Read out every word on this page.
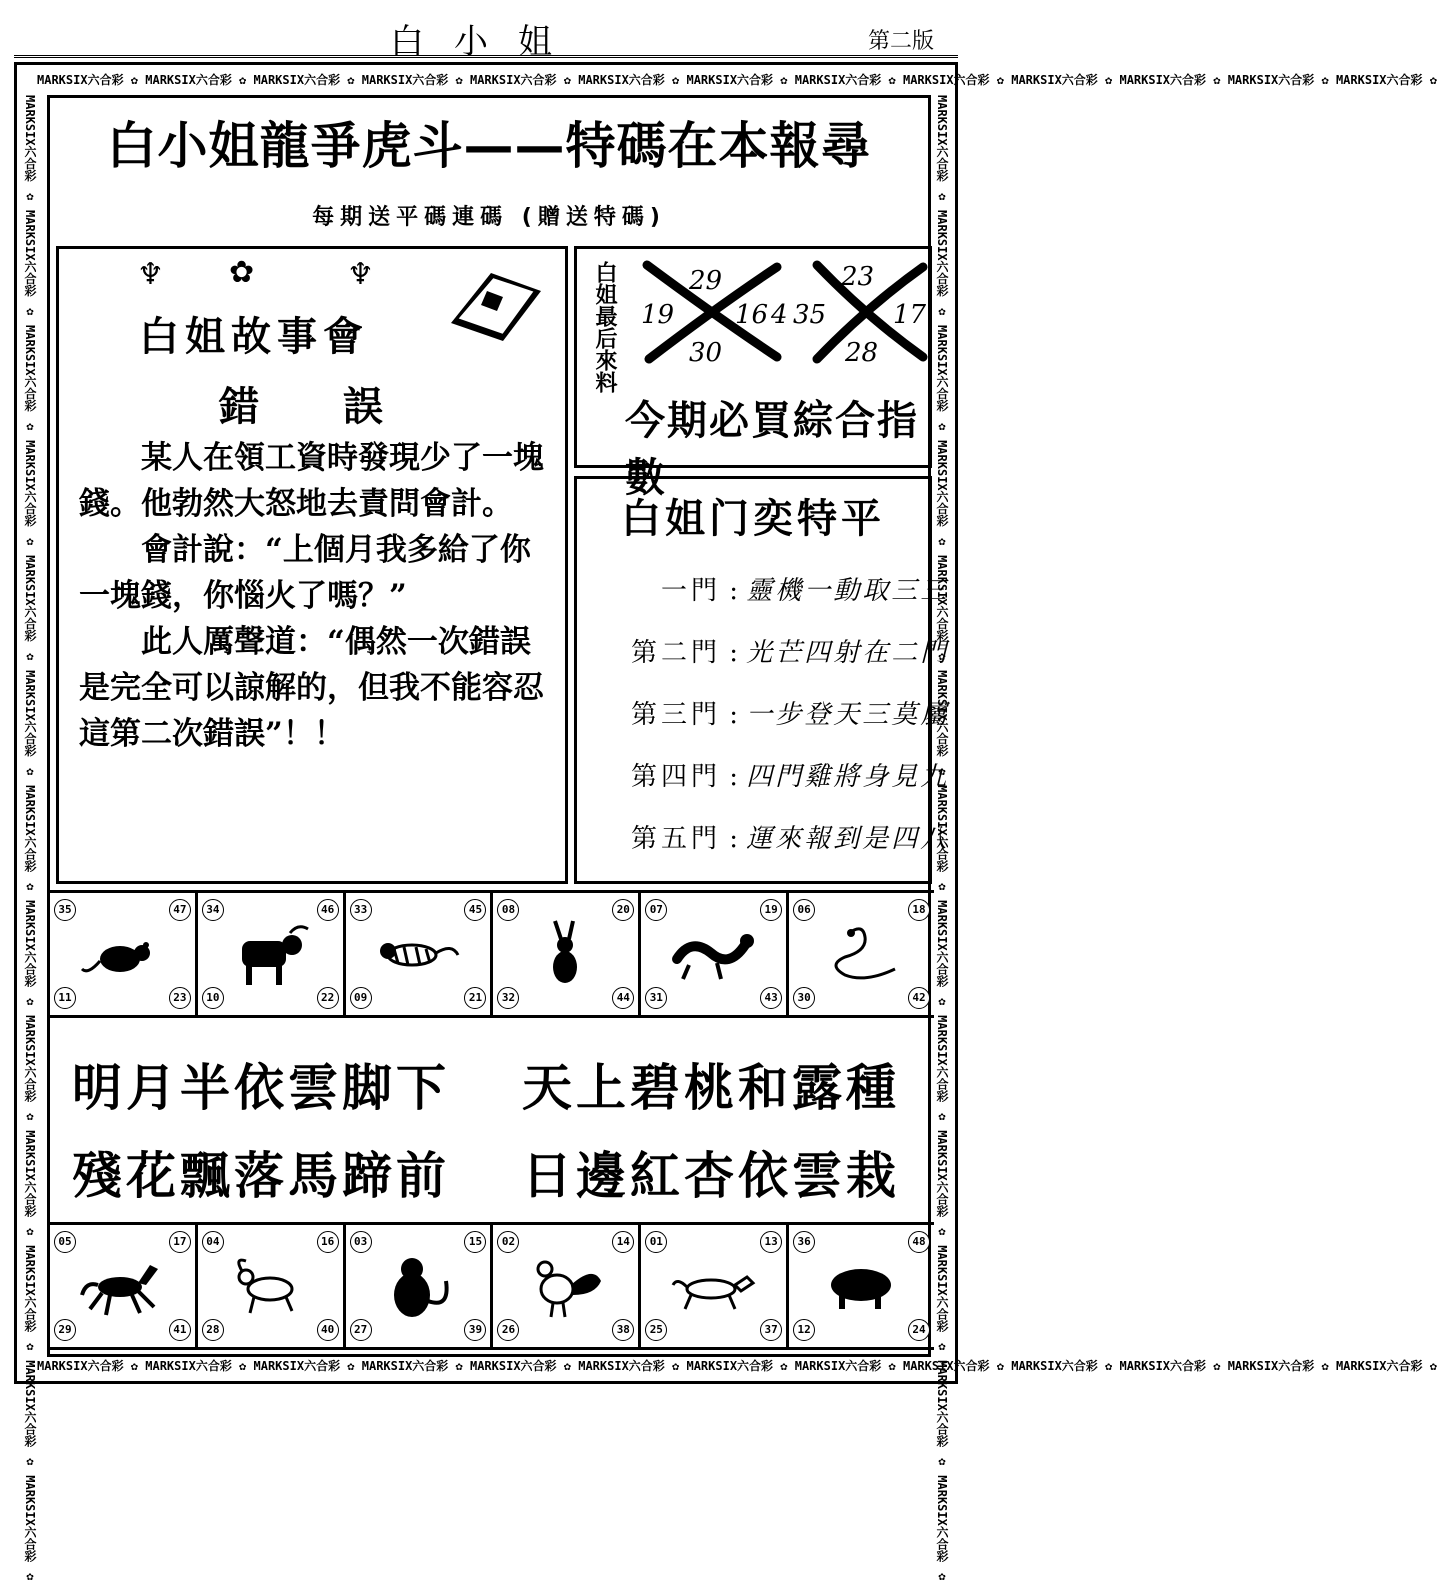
白小姐	第二版
MARKSIX六合彩 ✿ MARKSIX六合彩 ✿ MARKSIX六合彩 ✿ MARKSIX六合彩 ✿ MARKSIX六合彩 ✿ MARKSIX六合彩 ✿ MARKSIX六合彩 ✿ MARKSIX六合彩 ✿ MARKSIX六合彩 ✿ MARKSIX六合彩 ✿ MARKSIX六合彩 ✿ MARKSIX六合彩 ✿ MARKSIX六合彩 ✿
MARKSIX六合彩 ✿ MARKSIX六合彩 ✿ MARKSIX六合彩 ✿ MARKSIX六合彩 ✿ MARKSIX六合彩 ✿ MARKSIX六合彩 ✿ MARKSIX六合彩 ✿ MARKSIX六合彩 ✿ MARKSIX六合彩 ✿ MARKSIX六合彩 ✿ MARKSIX六合彩 ✿ MARKSIX六合彩 ✿ MARKSIX六合彩 ✿
MARKSIX六合彩 ✿ MARKSIX六合彩 ✿ MARKSIX六合彩 ✿ MARKSIX六合彩 ✿ MARKSIX六合彩 ✿ MARKSIX六合彩 ✿ MARKSIX六合彩 ✿ MARKSIX六合彩 ✿ MARKSIX六合彩 ✿ MARKSIX六合彩 ✿ MARKSIX六合彩 ✿ MARKSIX六合彩 ✿ MARKSIX六合彩 ✿	MARKSIX六合彩 ✿ MARKSIX六合彩 ✿ MARKSIX六合彩 ✿ MARKSIX六合彩 ✿ MARKSIX六合彩 ✿ MARKSIX六合彩 ✿ MARKSIX六合彩 ✿ MARKSIX六合彩 ✿ MARKSIX六合彩 ✿ MARKSIX六合彩 ✿ MARKSIX六合彩 ✿ MARKSIX六合彩 ✿ MARKSIX六合彩 ✿
白小姐龍爭虎斗——特碼在本報尋
每期送平碼連碼 (贈送特碼)
♆ ✿	♆
白姐故事會
錯 誤

某人在領工資時發現少了一塊錢。他勃然大怒地去責問會計。

會計說：“上個月我多給了你一塊錢，你惱火了嗎？”

此人厲聲道：“偶然一次錯誤是完全可以諒解的，但我不能容忍這第二次錯誤”！！

白姐最后來料	29
19 16
30
4 35
23
17
28
今期必買綜合指數
白姐门奕特平
一門 : 靈機一動取三三
第二門 : 光芒四射在二門
第三門 : 一步登天三莫屬
第四門 : 四門雞將身見九
第五門 : 運來報到是四八
35	47
11	23
34	46
10	22
33	45
09	21
08	20
32	44
07	19
31	43
06	18
30	42
明月半依雲脚下 天上碧桃和露種
殘花飄落馬蹄前 日邊紅杏依雲栽
05	17
29	41
04	16
28	40
03	15
27	39
02	14
26	38
01	13
25	37
36	48
12	24
